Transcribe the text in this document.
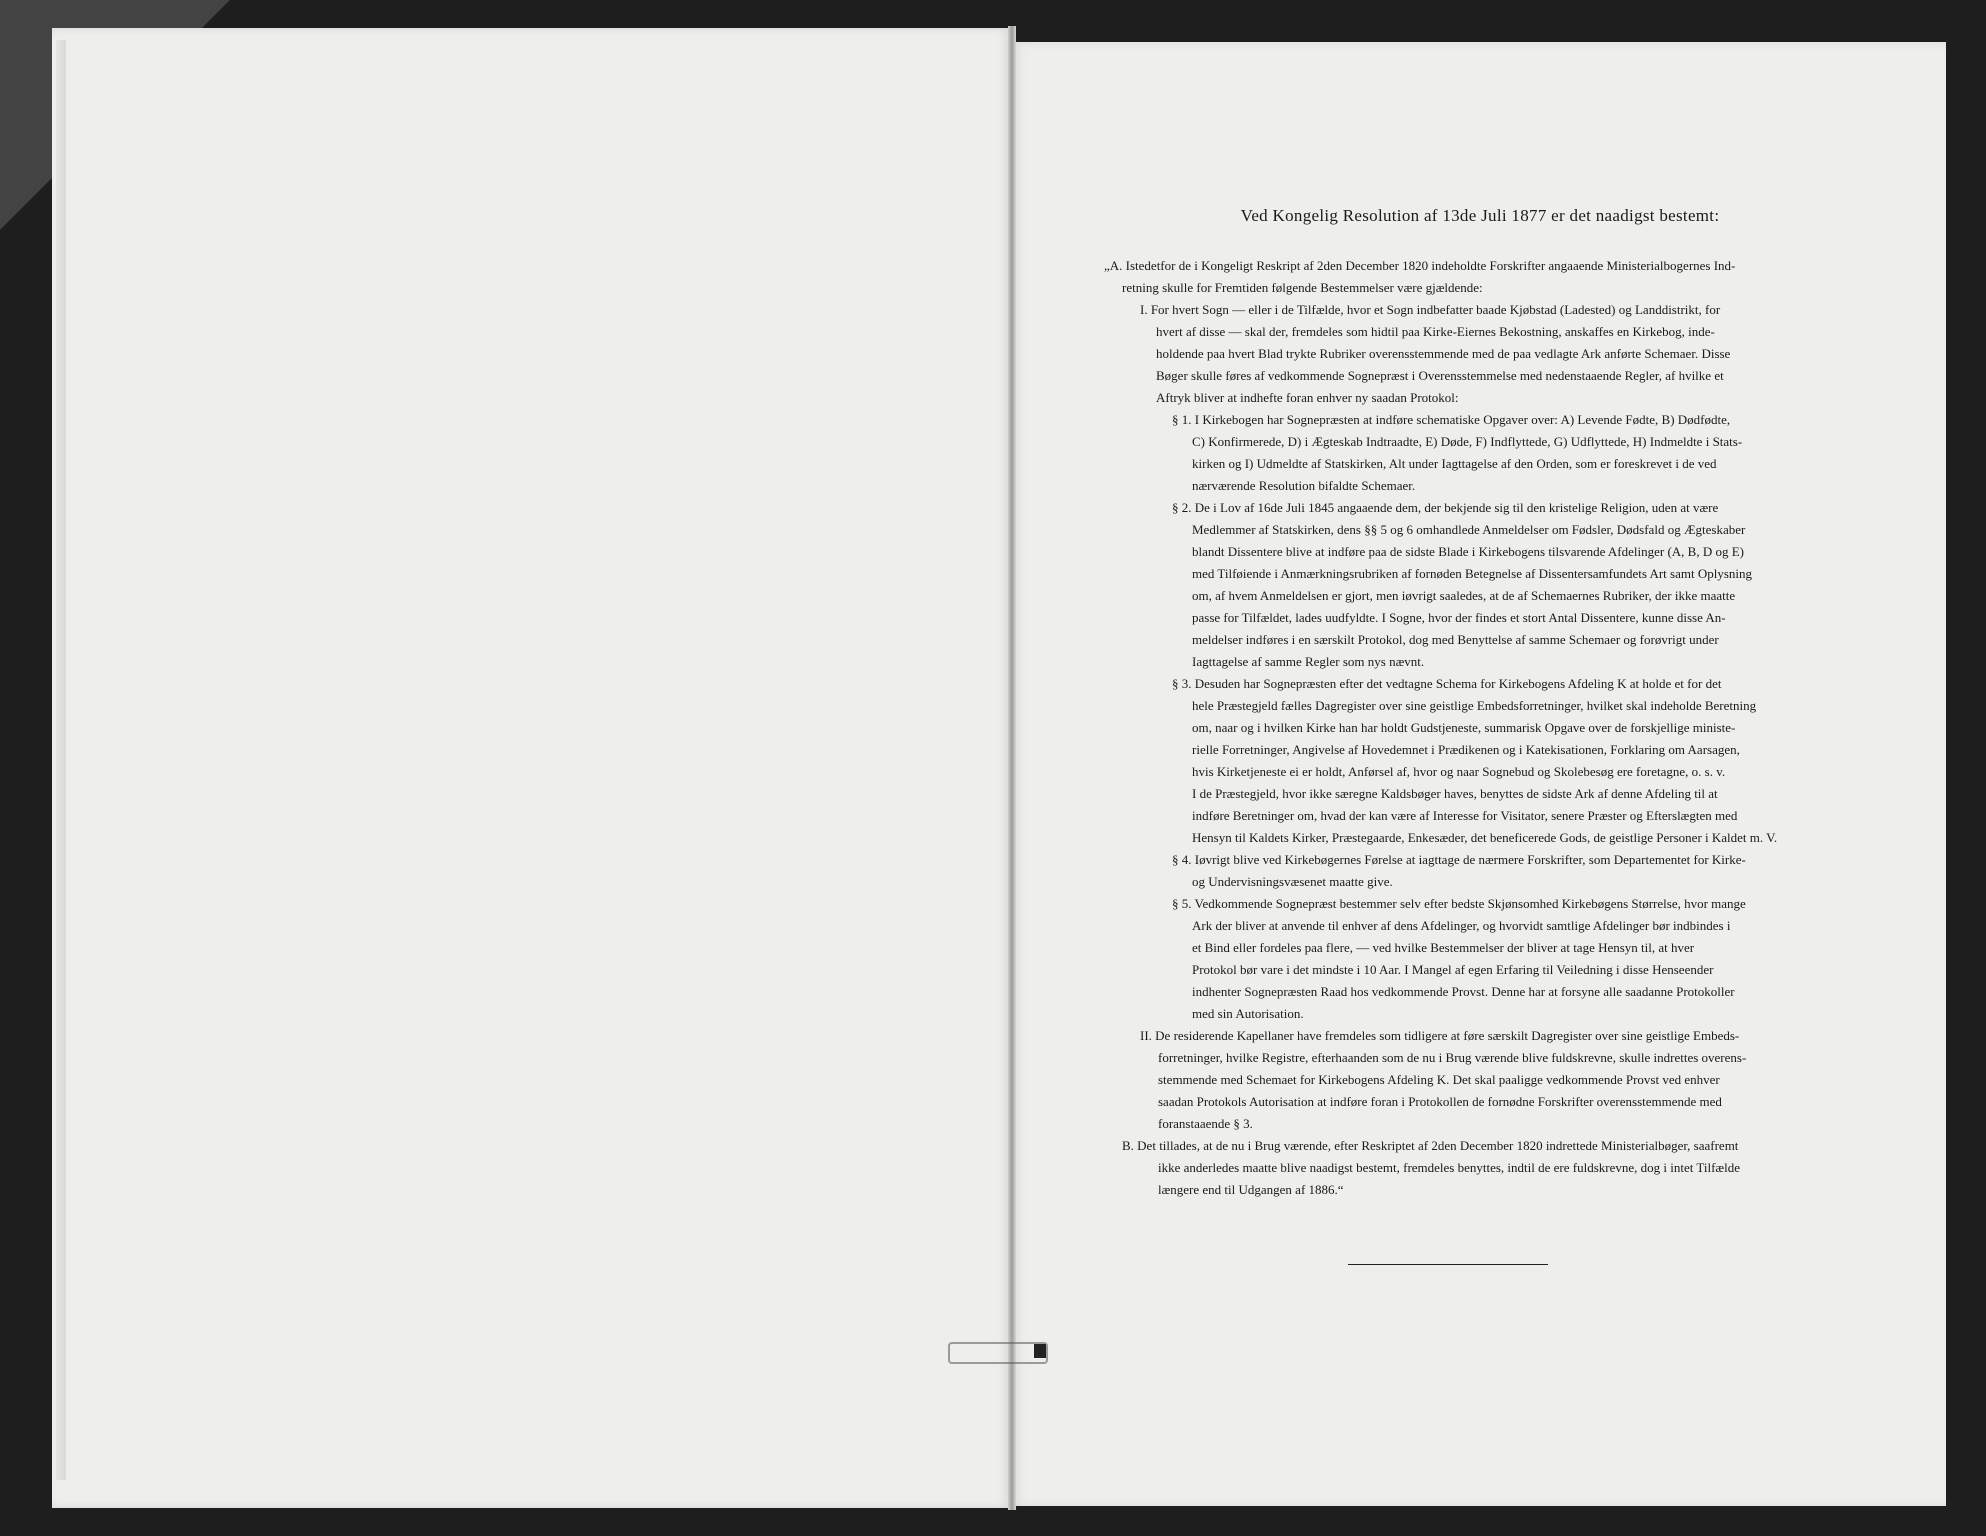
Ved Kongelig Resolution af 13de Juli 1877 er det naadigst bestemt:
„A. Istedetfor de i Kongeligt Reskript af 2den December 1820 indeholdte Forskrifter angaaende Ministerialbogernes Ind-
retning skulle for Fremtiden følgende Bestemmelser være gjældende:
I. For hvert Sogn — eller i de Tilfælde, hvor et Sogn indbefatter baade Kjøbstad (Ladested) og Landdistrikt, for
hvert af disse — skal der, fremdeles som hidtil paa Kirke-Eiernes Bekostning, anskaffes en Kirkebog, inde-
holdende paa hvert Blad trykte Rubriker overensstemmende med de paa vedlagte Ark anførte Schemaer. Disse
Bøger skulle føres af vedkommende Sognepræst i Overensstemmelse med nedenstaaende Regler, af hvilke et
Aftryk bliver at indhefte foran enhver ny saadan Protokol:
§ 1. I Kirkebogen har Sognepræsten at indføre schematiske Opgaver over: A) Levende Fødte, B) Dødfødte,
C) Konfirmerede, D) i Ægteskab Indtraadte, E) Døde, F) Indflyttede, G) Udflyttede, H) Indmeldte i Stats-
kirken og I) Udmeldte af Statskirken, Alt under Iagttagelse af den Orden, som er foreskrevet i de ved
nærværende Resolution bifaldte Schemaer.
§ 2. De i Lov af 16de Juli 1845 angaaende dem, der bekjende sig til den kristelige Religion, uden at være
Medlemmer af Statskirken, dens §§ 5 og 6 omhandlede Anmeldelser om Fødsler, Dødsfald og Ægteskaber
blandt Dissentere blive at indføre paa de sidste Blade i Kirkebogens tilsvarende Afdelinger (A, B, D og E)
med Tilføiende i Anmærkningsrubriken af fornøden Betegnelse af Dissentersamfundets Art samt Oplysning
om, af hvem Anmeldelsen er gjort, men iøvrigt saaledes, at de af Schemaernes Rubriker, der ikke maatte
passe for Tilfældet, lades uudfyldte. I Sogne, hvor der findes et stort Antal Dissentere, kunne disse An-
meldelser indføres i en særskilt Protokol, dog med Benyttelse af samme Schemaer og forøvrigt under
Iagttagelse af samme Regler som nys nævnt.
§ 3. Desuden har Sognepræsten efter det vedtagne Schema for Kirkebogens Afdeling K at holde et for det
hele Præstegjeld fælles Dagregister over sine geistlige Embedsforretninger, hvilket skal indeholde Beretning
om, naar og i hvilken Kirke han har holdt Gudstjeneste, summarisk Opgave over de forskjellige ministe-
rielle Forretninger, Angivelse af Hovedemnet i Prædikenen og i Katekisationen, Forklaring om Aarsagen,
hvis Kirketjeneste ei er holdt, Anførsel af, hvor og naar Sognebud og Skolebesøg ere foretagne, o. s. v.
I de Præstegjeld, hvor ikke særegne Kaldsbøger haves, benyttes de sidste Ark af denne Afdeling til at
indføre Beretninger om, hvad der kan være af Interesse for Visitator, senere Præster og Efterslægten med
Hensyn til Kaldets Kirker, Præstegaarde, Enkesæder, det beneficerede Gods, de geistlige Personer i Kaldet m. V.
§ 4. Iøvrigt blive ved Kirkebøgernes Førelse at iagttage de nærmere Forskrifter, som Departementet for Kirke-
og Undervisningsvæsenet maatte give.
§ 5. Vedkommende Sognepræst bestemmer selv efter bedste Skjønsomhed Kirkebøgens Størrelse, hvor mange
Ark der bliver at anvende til enhver af dens Afdelinger, og hvorvidt samtlige Afdelinger bør indbindes i
et Bind eller fordeles paa flere, — ved hvilke Bestemmelser der bliver at tage Hensyn til, at hver
Protokol bør vare i det mindste i 10 Aar. I Mangel af egen Erfaring til Veiledning i disse Henseender
indhenter Sognepræsten Raad hos vedkommende Provst. Denne har at forsyne alle saadanne Protokoller
med sin Autorisation.
II. De residerende Kapellaner have fremdeles som tidligere at føre særskilt Dagregister over sine geistlige Embeds-
forretninger, hvilke Registre, efterhaanden som de nu i Brug værende blive fuldskrevne, skulle indrettes overens-
stemmende med Schemaet for Kirkebogens Afdeling K. Det skal paaligge vedkommende Provst ved enhver
saadan Protokols Autorisation at indføre foran i Protokollen de fornødne Forskrifter overensstemmende med
foranstaaende § 3.
B. Det tillades, at de nu i Brug værende, efter Reskriptet af 2den December 1820 indrettede Ministerialbøger, saafremt
ikke anderledes maatte blive naadigst bestemt, fremdeles benyttes, indtil de ere fuldskrevne, dog i intet Tilfælde
længere end til Udgangen af 1886.“
